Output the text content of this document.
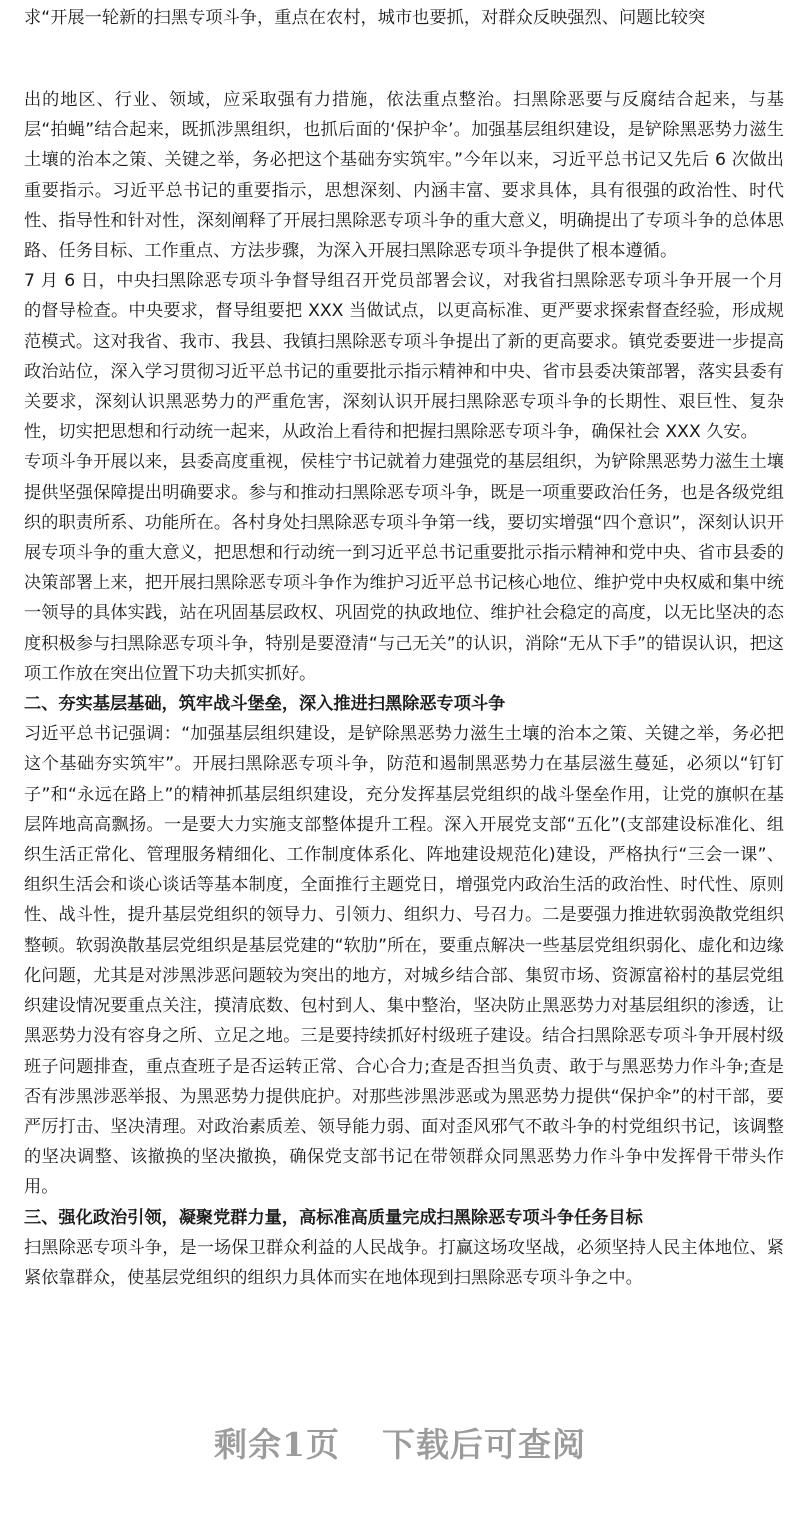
求“开展一轮新的扫黑专项斗争，重点在农村，城市也要抓，对群众反映强烈、问题比较突

出的地区、行业、领域，应采取强有力措施，依法重点整治。扫黑除恶要与反腐结合起来，与基层“拍蝇”结合起来，既抓涉黑组织，也抓后面的‘保护伞’。加强基层组织建设，是铲除黑恶势力滋生土壤的治本之策、关键之举，务必把这个基础夯实筑牢。”今年以来，习近平总书记又先后 6 次做出重要指示。习近平总书记的重要指示，思想深刻、内涵丰富、要求具体，具有很强的政治性、时代性、指导性和针对性，深刻阐释了开展扫黑除恶专项斗争的重大意义，明确提出了专项斗争的总体思路、任务目标、工作重点、方法步骤，为深入开展扫黑除恶专项斗争提供了根本遵循。

7 月 6 日，中央扫黑除恶专项斗争督导组召开党员部署会议，对我省扫黑除恶专项斗争开展一个月的督导检查。中央要求，督导组要把 XXX 当做试点，以更高标准、更严要求探索督查经验，形成规范模式。这对我省、我市、我县、我镇扫黑除恶专项斗争提出了新的更高要求。镇党委要进一步提高政治站位，深入学习贯彻习近平总书记的重要批示指示精神和中央、省市县委决策部署，落实县委有关要求，深刻认识黑恶势力的严重危害，深刻认识开展扫黑除恶专项斗争的长期性、艰巨性、复杂性，切实把思想和行动统一起来，从政治上看待和把握扫黑除恶专项斗争，确保社会 XXX 久安。

专项斗争开展以来，县委高度重视，侯桂宁书记就着力建强党的基层组织，为铲除黑恶势力滋生土壤提供坚强保障提出明确要求。参与和推动扫黑除恶专项斗争，既是一项重要政治任务，也是各级党组织的职责所系、功能所在。各村身处扫黑除恶专项斗争第一线，要切实增强“四个意识”，深刻认识开展专项斗争的重大意义，把思想和行动统一到习近平总书记重要批示指示精神和党中央、省市县委的决策部署上来，把开展扫黑除恶专项斗争作为维护习近平总书记核心地位、维护党中央权威和集中统一领导的具体实践，站在巩固基层政权、巩固党的执政地位、维护社会稳定的高度，以无比坚决的态度积极参与扫黑除恶专项斗争，特别是要澄清“与己无关”的认识，消除“无从下手”的错误认识，把这项工作放在突出位置下功夫抓实抓好。

二、夯实基层基础，筑牢战斗堡垒，深入推进扫黑除恶专项斗争

习近平总书记强调：“加强基层组织建设，是铲除黑恶势力滋生土壤的治本之策、关键之举，务必把这个基础夯实筑牢”。开展扫黑除恶专项斗争，防范和遏制黑恶势力在基层滋生蔓延，必须以“钉钉子”和“永远在路上”的精神抓基层组织建设，充分发挥基层党组织的战斗堡垒作用，让党的旗帜在基层阵地高高飘扬。一是要大力实施支部整体提升工程。深入开展党支部“五化”(支部建设标准化、组织生活正常化、管理服务精细化、工作制度体系化、阵地建设规范化)建设，严格执行“三会一课”、组织生活会和谈心谈话等基本制度，全面推行主题党日，增强党内政治生活的政治性、时代性、原则性、战斗性，提升基层党组织的领导力、引领力、组织力、号召力。二是要强力推进软弱涣散党组织整顿。软弱涣散基层党组织是基层党建的“软肋”所在，要重点解决一些基层党组织弱化、虚化和边缘化问题，尤其是对涉黑涉恶问题较为突出的地方，对城乡结合部、集贸市场、资源富裕村的基层党组织建设情况要重点关注，摸清底数、包村到人、集中整治，坚决防止黑恶势力对基层组织的渗透，让黑恶势力没有容身之所、立足之地。三是要持续抓好村级班子建设。结合扫黑除恶专项斗争开展村级班子问题排查，重点查班子是否运转正常、合心合力;查是否担当负责、敢于与黑恶势力作斗争;查是否有涉黑涉恶举报、为黑恶势力提供庇护。对那些涉黑涉恶或为黑恶势力提供“保护伞”的村干部，要严厉打击、坚决清理。对政治素质差、领导能力弱、面对歪风邪气不敢斗争的村党组织书记，该调整的坚决调整、该撤换的坚决撤换，确保党支部书记在带领群众同黑恶势力作斗争中发挥骨干带头作用。

三、强化政治引领，凝聚党群力量，高标准高质量完成扫黑除恶专项斗争任务目标

扫黑除恶专项斗争，是一场保卫群众利益的人民战争。打赢这场攻坚战，必须坚持人民主体地位、紧紧依靠群众，使基层党组织的组织力具体而实在地体现到扫黑除恶专项斗争之中。

剩余1页 下载后可查阅
